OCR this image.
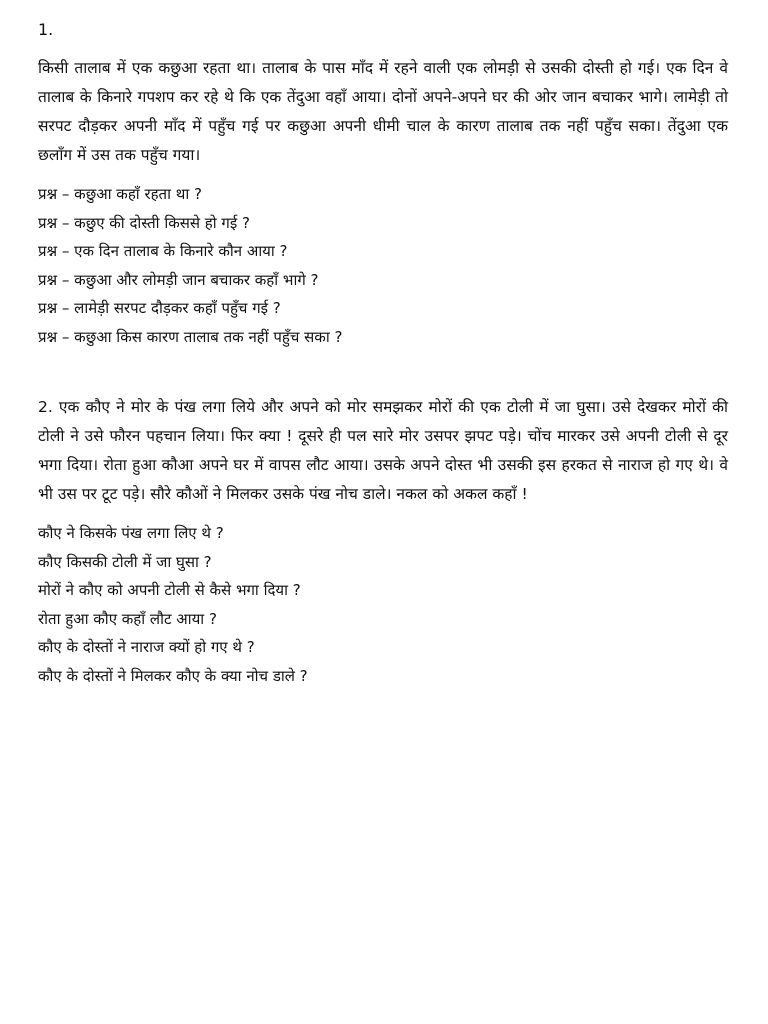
1.

किसी तालाब में एक कछुआ रहता था। तालाब के पास माँद में रहने वाली एक लोमड़ी से उसकी दोस्ती हो गई। एक दिन वे तालाब के किनारे गपशप कर रहे थे कि एक तेंदुआ वहाँ आया। दोनों अपने-अपने घर की ओर जान बचाकर भागे। लामेड़ी तो सरपट दौड़कर अपनी माँद में पहुँच गई पर कछुआ अपनी धीमी चाल के कारण तालाब तक नहीं पहुँच सका। तेंदुआ एक छलाँग में उस तक पहुँच गया।

प्रश्न – कछुआ कहाँ रहता था ?
प्रश्न – कछुए की दोस्ती किससे हो गई ?
प्रश्न – एक दिन तालाब के किनारे कौन आया ?
प्रश्न – कछुआ और लोमड़ी जान बचाकर कहाँ भागे ?
प्रश्न – लामेड़ी सरपट दौड़कर कहाँ पहुँच गई ?
प्रश्न – कछुआ किस कारण तालाब तक नहीं पहुँच सका ?

2. एक कौए ने मोर के पंख लगा लिये और अपने को मोर समझकर मोरों की एक टोली में जा घुसा। उसे देखकर मोरों की टोली ने उसे फौरन पहचान लिया। फिर क्या ! दूसरे ही पल सारे मोर उसपर झपट पड़े। चोंच मारकर उसे अपनी टोली से दूर भगा दिया। रोता हुआ कौआ अपने घर में वापस लौट आया। उसके अपने दोस्त भी उसकी इस हरकत से नाराज हो गए थे। वे भी उस पर टूट पड़े। सौरे कौओं ने मिलकर उसके पंख नोच डाले। नकल को अकल कहाँ !

कौए ने किसके पंख लगा लिए थे ?
कौए किसकी टोली में जा घुसा ?
मोरों ने कौए को अपनी टोली से कैसे भगा दिया ?
रोता हुआ कौए कहाँ लौट आया ?
कौए के दोस्तों ने नाराज क्यों हो गए थे ?
कौए के दोस्तों ने मिलकर कौए के क्या नोच डाले ?
